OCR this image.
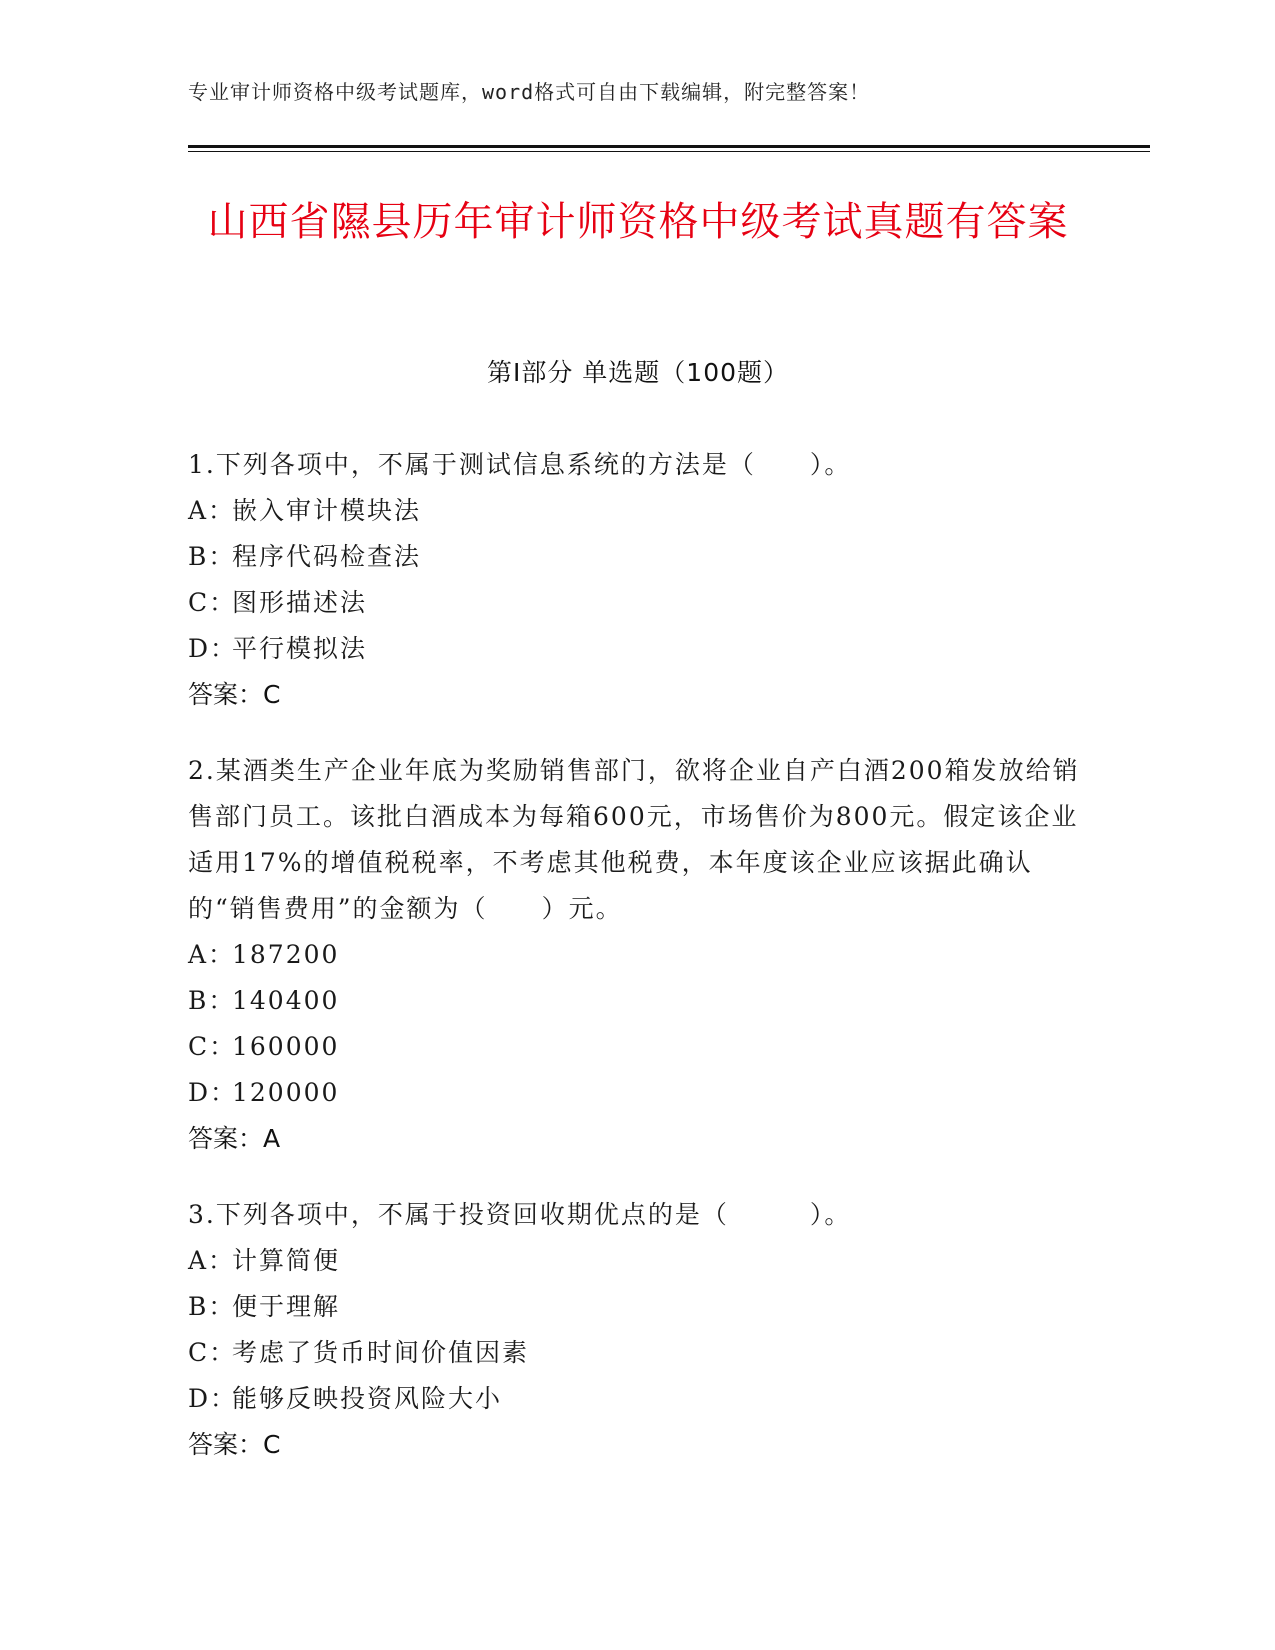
专业审计师资格中级考试题库，word格式可自由下载编辑，附完整答案！
山西省隰县历年审计师资格中级考试真题有答案
第Ⅰ部分 单选题（100题）
1.下列各项中，不属于测试信息系统的方法是（　　）。
A：嵌入审计模块法
B：程序代码检查法
C：图形描述法
D：平行模拟法
答案：C
2.某酒类生产企业年底为奖励销售部门，欲将企业自产白酒200箱发放给销售部门员工。该批白酒成本为每箱600元，市场售价为800元。假定该企业适用17%的增值税税率，不考虑其他税费，本年度该企业应该据此确认的“销售费用”的金额为（　　）元。
A：187200
B：140400
C：160000
D：120000
答案：A
3.下列各项中，不属于投资回收期优点的是（　　　）。
A：计算简便
B：便于理解
C：考虑了货币时间价值因素
D：能够反映投资风险大小
答案：C
